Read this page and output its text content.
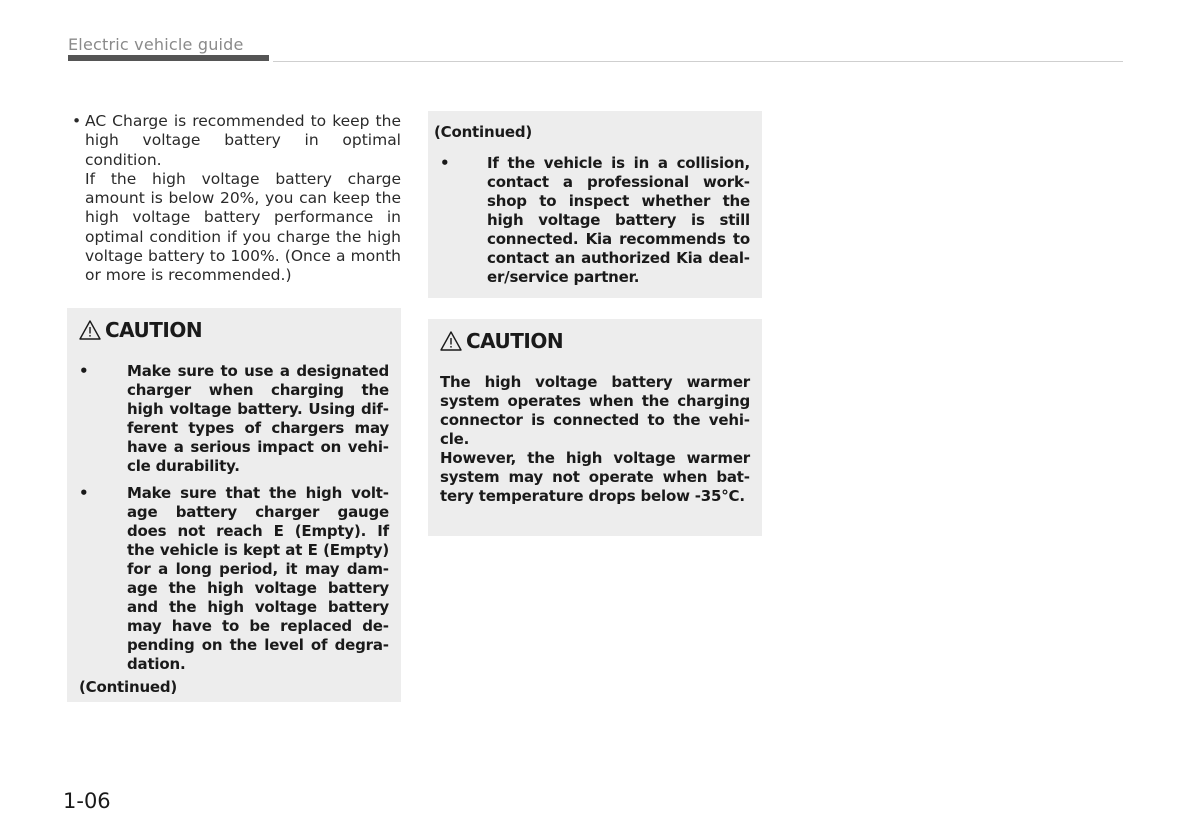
Electric vehicle guide
• AC Charge is recommended to keep the high voltage battery in optimal condition.

If the high voltage battery charge amount is below 20%, you can keep the high voltage battery performance in optimal condition if you charge the high voltage battery to 100%. (Once a month or more is recommended.)

CAUTION
•	Make sure to use a designated charger when charging the high voltage battery. Using different types of chargers may have a serious impact on vehicle durability.
•	Make sure that the high voltage battery charger gauge does not reach E (Empty). If the vehicle is kept at E (Empty) for a long period, it may damage the high voltage battery and the high voltage battery may have to be replaced depending on the level of degradation.
(Continued)
(Continued)
•	If the vehicle is in a collision, contact a professional workshop to inspect whether the high voltage battery is still connected. Kia recommends to contact an authorized Kia dealer/service partner.
CAUTION

The high voltage battery warmer system operates when the charging connector is connected to the vehicle.

However, the high voltage warmer system may not operate when battery temperature drops below -35°C.

1-06
